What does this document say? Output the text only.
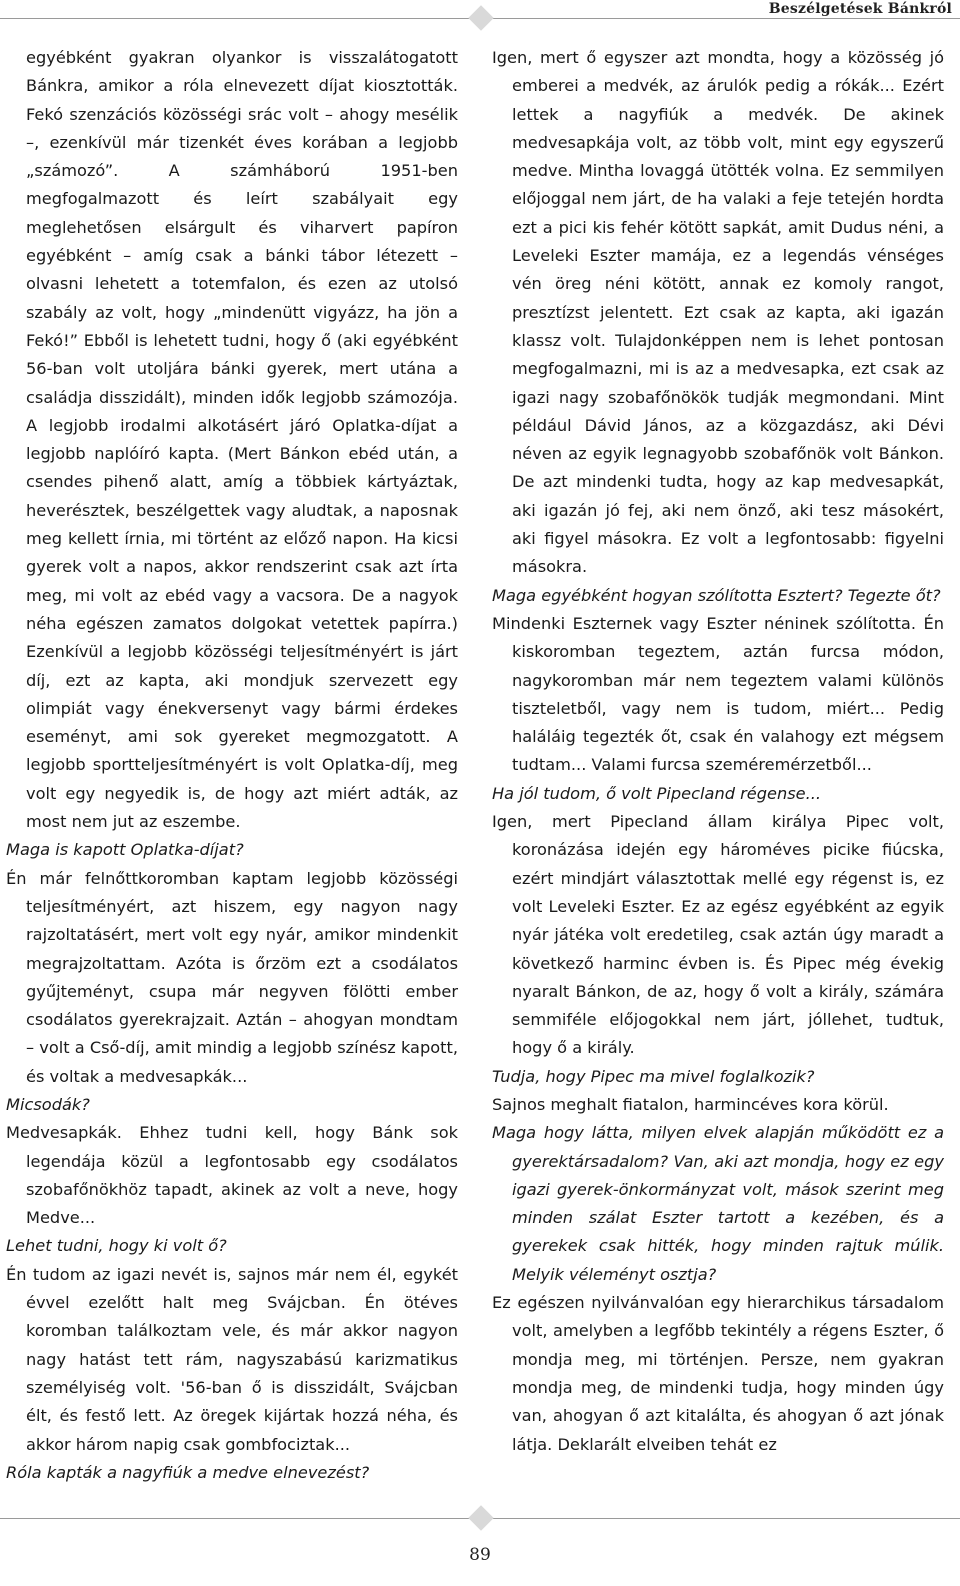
Beszélgetések Bánkról

egyébként gyakran olyankor is visszalátogatott Bánkra, amikor a róla elnevezett díjat kiosztották. Fekó szenzációs közösségi srác volt – ahogy mesélik –, ezenkívül már tizenkét éves korában a legjobb „számozó”. A számháború 1951-ben megfogalmazott és leírt szabályait egy meglehetősen elsárgult és viharvert papíron egyébként – amíg csak a bánki tábor létezett – olvasni lehetett a totemfalon, és ezen az utolsó szabály az volt, hogy „mindenütt vigyázz, ha jön a Fekó!” Ebből is lehetett tudni, hogy ő (aki egyébként 56-ban volt utoljára bánki gyerek, mert utána a családja disszidált), minden idők legjobb számozója. A legjobb irodalmi alkotásért járó Oplatka-díjat a legjobb naplóíró kapta. (Mert Bánkon ebéd után, a csendes pihenő alatt, amíg a többiek kártyáztak, heverésztek, beszélgettek vagy aludtak, a naposnak meg kellett írnia, mi történt az előző napon. Ha kicsi gyerek volt a napos, akkor rendszerint csak azt írta meg, mi volt az ebéd vagy a vacsora. De a nagyok néha egészen zamatos dolgokat vetettek papírra.) Ezenkívül a legjobb közösségi teljesítményért is járt díj, ezt az kapta, aki mondjuk szervezett egy olimpiát vagy énekversenyt vagy bármi érdekes eseményt, ami sok gyereket megmozgatott. A legjobb sportteljesítményért is volt Oplatka-díj, meg volt egy negyedik is, de hogy azt miért adták, az most nem jut az eszembe.

Maga is kapott Oplatka-díjat?

Én már felnőttkoromban kaptam legjobb közösségi teljesítményért, azt hiszem, egy nagyon nagy rajzoltatásért, mert volt egy nyár, amikor mindenkit megrajzoltattam. Azóta is őrzöm ezt a csodálatos gyűjteményt, csupa már negyven fölötti ember csodálatos gyerekrajzait. Aztán – ahogyan mondtam – volt a Cső-díj, amit mindig a legjobb színész kapott, és voltak a medvesapkák...

Micsodák?

Medvesapkák. Ehhez tudni kell, hogy Bánk sok legendája közül a legfontosabb egy csodálatos szobafőnökhöz tapadt, akinek az volt a neve, hogy Medve...

Lehet tudni, hogy ki volt ő?

Én tudom az igazi nevét is, sajnos már nem él, egykét évvel ezelőtt halt meg Svájcban. Én ötéves koromban találkoztam vele, és már akkor nagyon nagy hatást tett rám, nagyszabású karizmatikus személyiség volt. '56-ban ő is disszidált, Svájcban élt, és festő lett. Az öregek kijártak hozzá néha, és akkor három napig csak gombfociztak...

Róla kapták a nagyfiúk a medve elnevezést?

Igen, mert ő egyszer azt mondta, hogy a közösség jó emberei a medvék, az árulók pedig a rókák... Ezért lettek a nagyfiúk a medvék. De akinek medvesapkája volt, az több volt, mint egy egyszerű medve. Mintha lovaggá ütötték volna. Ez semmilyen előjoggal nem járt, de ha valaki a feje tetején hordta ezt a pici kis fehér kötött sapkát, amit Dudus néni, a Leveleki Eszter mamája, ez a legendás vénséges vén öreg néni kötött, annak ez komoly rangot, presztízst jelentett. Ezt csak az kapta, aki igazán klassz volt. Tulajdonképpen nem is lehet pontosan megfogalmazni, mi is az a medvesapka, ezt csak az igazi nagy szobafőnökök tudják megmondani. Mint például Dávid János, az a közgazdász, aki Dévi néven az egyik legnagyobb szobafőnök volt Bánkon. De azt mindenki tudta, hogy az kap medvesapkát, aki igazán jó fej, aki nem önző, aki tesz másokért, aki figyel másokra. Ez volt a legfontosabb: figyelni másokra.

Maga egyébként hogyan szólította Esztert? Tegezte őt?

Mindenki Eszternek vagy Eszter néninek szólította. Én kiskoromban tegeztem, aztán furcsa módon, nagykoromban már nem tegeztem valami különös tiszteletből, vagy nem is tudom, miért... Pedig haláláig tegezték őt, csak én valahogy ezt mégsem tudtam... Valami furcsa szeméremérzetből...

Ha jól tudom, ő volt Pipecland régense...

Igen, mert Pipecland állam királya Pipec volt, koronázása idején egy hároméves picike fiúcska, ezért mindjárt választottak mellé egy régenst is, ez volt Leveleki Eszter. Ez az egész egyébként az egyik nyár játéka volt eredetileg, csak aztán úgy maradt a következő harminc évben is. És Pipec még évekig nyaralt Bánkon, de az, hogy ő volt a király, számára semmiféle előjogokkal nem járt, jóllehet, tudtuk, hogy ő a király.

Tudja, hogy Pipec ma mivel foglalkozik?

Sajnos meghalt fiatalon, harmincéves kora körül.

Maga hogy látta, milyen elvek alapján működött ez a gyerektársadalom? Van, aki azt mondja, hogy ez egy igazi gyerek-önkormányzat volt, mások szerint meg minden szálat Eszter tartott a kezében, és a gyerekek csak hitték, hogy minden rajtuk múlik. Melyik véleményt osztja?

Ez egészen nyilvánvalóan egy hierarchikus társadalom volt, amelyben a legfőbb tekintély a régens Eszter, ő mondja meg, mi történjen. Persze, nem gyakran mondja meg, de mindenki tudja, hogy minden úgy van, ahogyan ő azt kitalálta, és ahogyan ő azt jónak látja. Deklarált elveiben tehát ez

89
